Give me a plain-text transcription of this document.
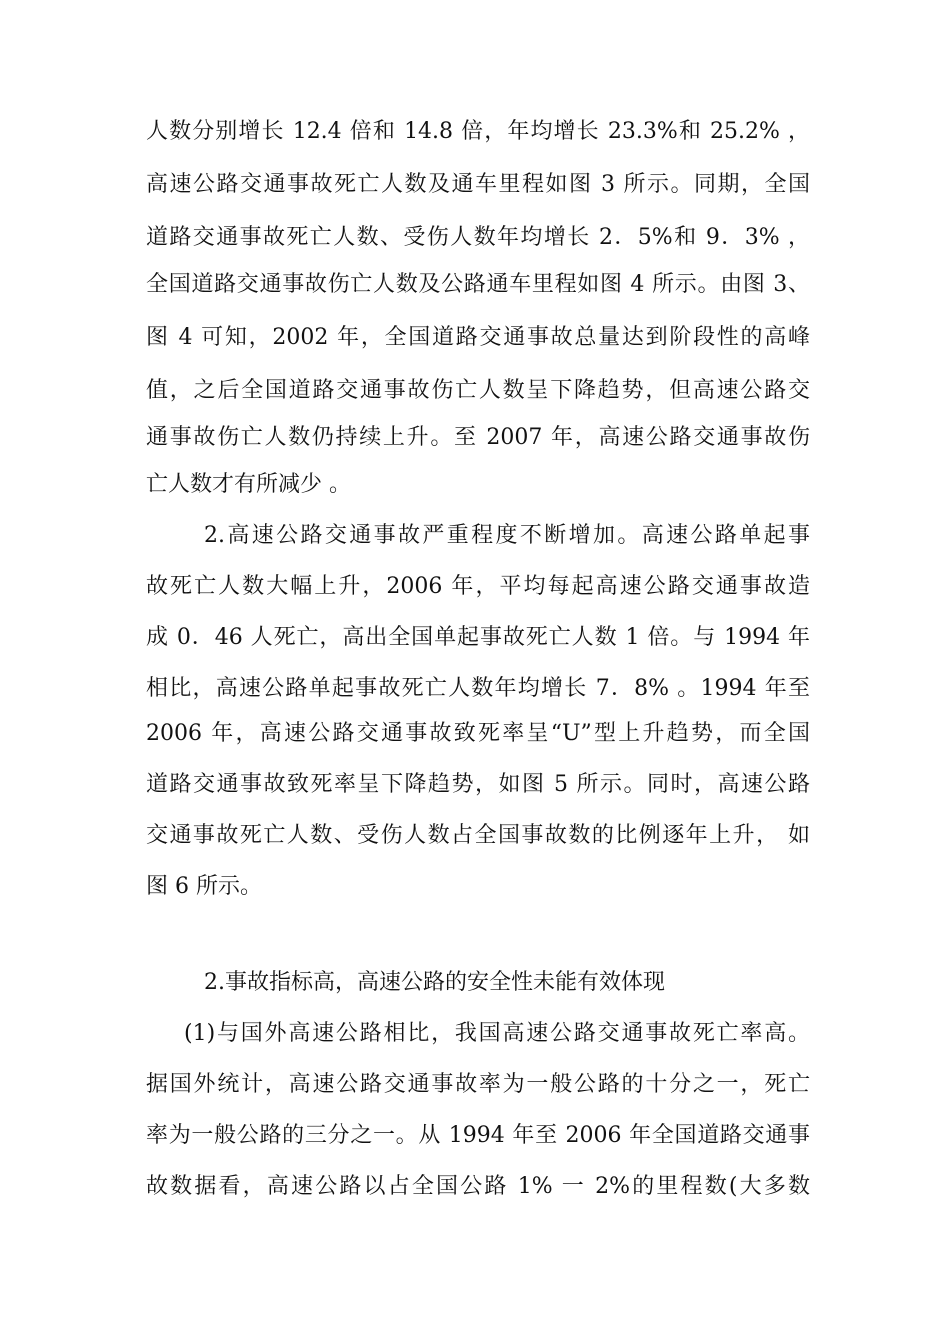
人数分别增长 12.4 倍和 14.8 倍，年均增长 23.3%和 25.2% ，
高速公路交通事故死亡人数及通车里程如图 3 所示。同期，全国
道路交通事故死亡人数、受伤人数年均增长 2．5%和 9．3% ，
全国道路交通事故伤亡人数及公路通车里程如图 4 所示。由图 3、
图 4 可知，2002 年，全国道路交通事故总量达到阶段性的高峰
值，之后全国道路交通事故伤亡人数呈下降趋势，但高速公路交
通事故伤亡人数仍持续上升。至 2007 年，高速公路交通事故伤
亡人数才有所减少 。
2.高速公路交通事故严重程度不断增加。高速公路单起事
故死亡人数大幅上升，2006 年，平均每起高速公路交通事故造
成 0．46 人死亡，高出全国单起事故死亡人数 1 倍。与 1994 年
相比，高速公路单起事故死亡人数年均增长 7．8% 。1994 年至
2006 年，高速公路交通事故致死率呈“U”型上升趋势，而全国
道路交通事故致死率呈下降趋势，如图 5 所示。同时，高速公路
交通事故死亡人数、受伤人数占全国事故数的比例逐年上升， 如
图 6 所示。
2.事故指标高，高速公路的安全性未能有效体现
(1)与国外高速公路相比，我国高速公路交通事故死亡率高。
据国外统计，高速公路交通事故率为一般公路的十分之一，死亡
率为一般公路的三分之一。从 1994 年至 2006 年全国道路交通事
故数据看，高速公路以占全国公路 1% 一 2%的里程数(大多数
